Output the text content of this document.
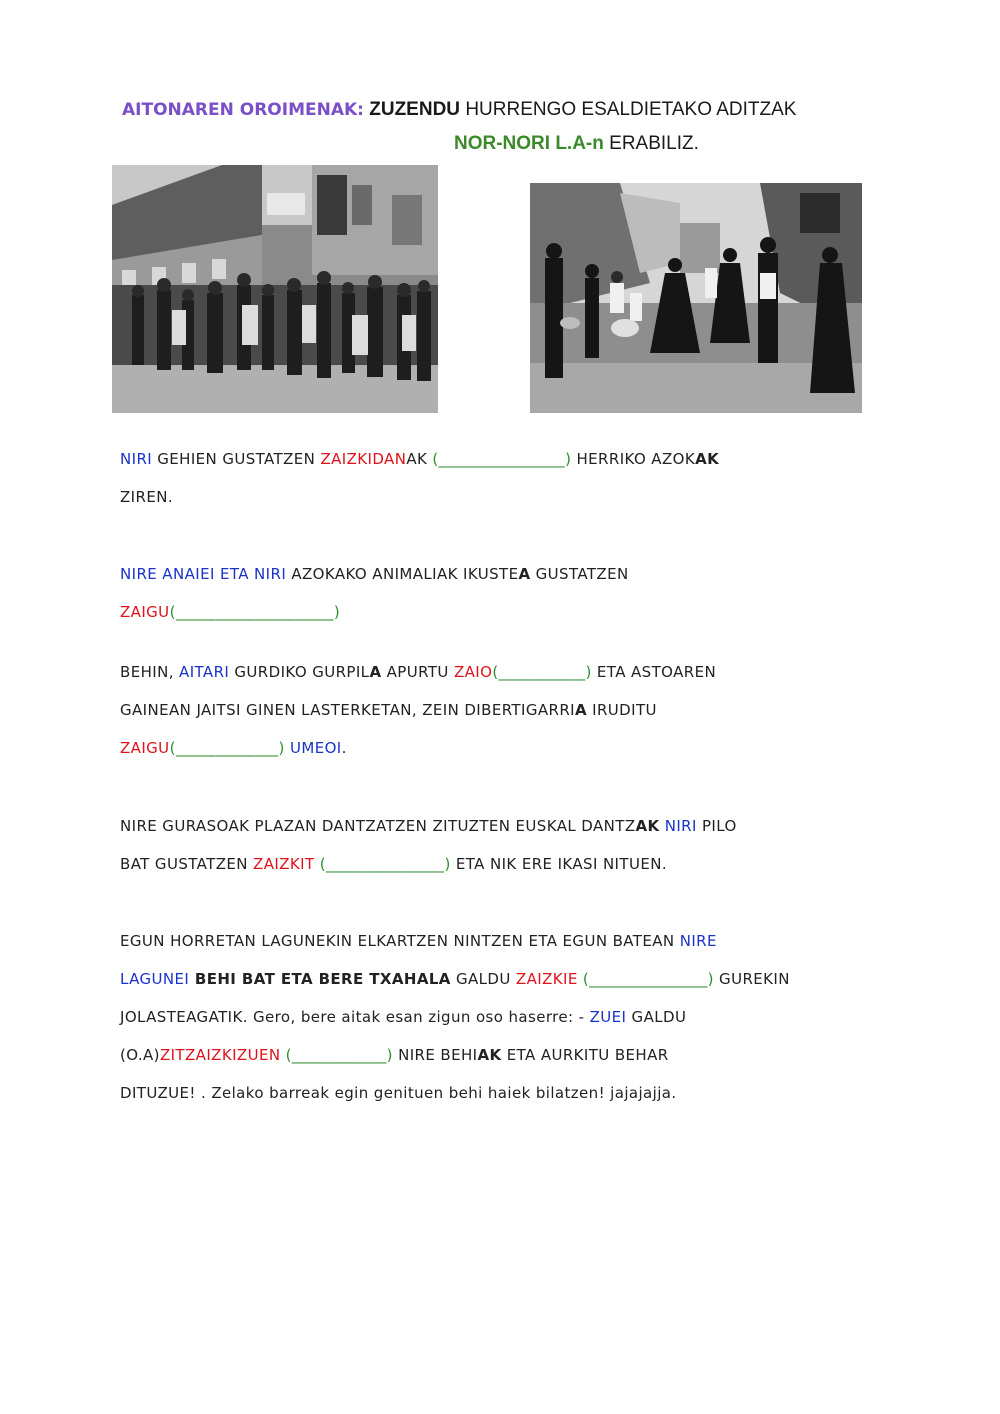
AITONAREN OROIMENAK: ZUZENDU HURRENGO ESALDIETAKO ADITZAK
NOR-NORI L.A-n ERABILIZ.
NIRI GEHIEN GUSTATZEN ZAIZKIDANAK (________________) HERRIKO AZOKAK
ZIREN.
NIRE ANAIEI ETA NIRI AZOKAKO ANIMALIAK IKUSTEA GUSTATZEN
ZAIGU(____________________)
BEHIN, AITARI GURDIKO GURPILA APURTU ZAIO(___________) ETA ASTOAREN
GAINEAN JAITSI GINEN LASTERKETAN, ZEIN DIBERTIGARRIA IRUDITU
ZAIGU(_____________) UMEOI.
NIRE GURASOAK PLAZAN DANTZATZEN ZITUZTEN EUSKAL DANTZAK NIRI PILO
BAT GUSTATZEN ZAIZKIT (_______________) ETA NIK ERE IKASI NITUEN.
EGUN HORRETAN LAGUNEKIN ELKARTZEN NINTZEN ETA EGUN BATEAN NIRE
LAGUNEI BEHI BAT ETA BERE TXAHALA GALDU ZAIZKIE (_______________) GUREKIN
JOLASTEAGATIK. Gero, bere aitak esan zigun oso haserre: - ZUEI GALDU
(O.A)ZITZAIZKIZUEN (____________) NIRE BEHIAK ETA AURKITU BEHAR
DITUZUE! . Zelako barreak egin genituen behi haiek bilatzen! jajajajja.
